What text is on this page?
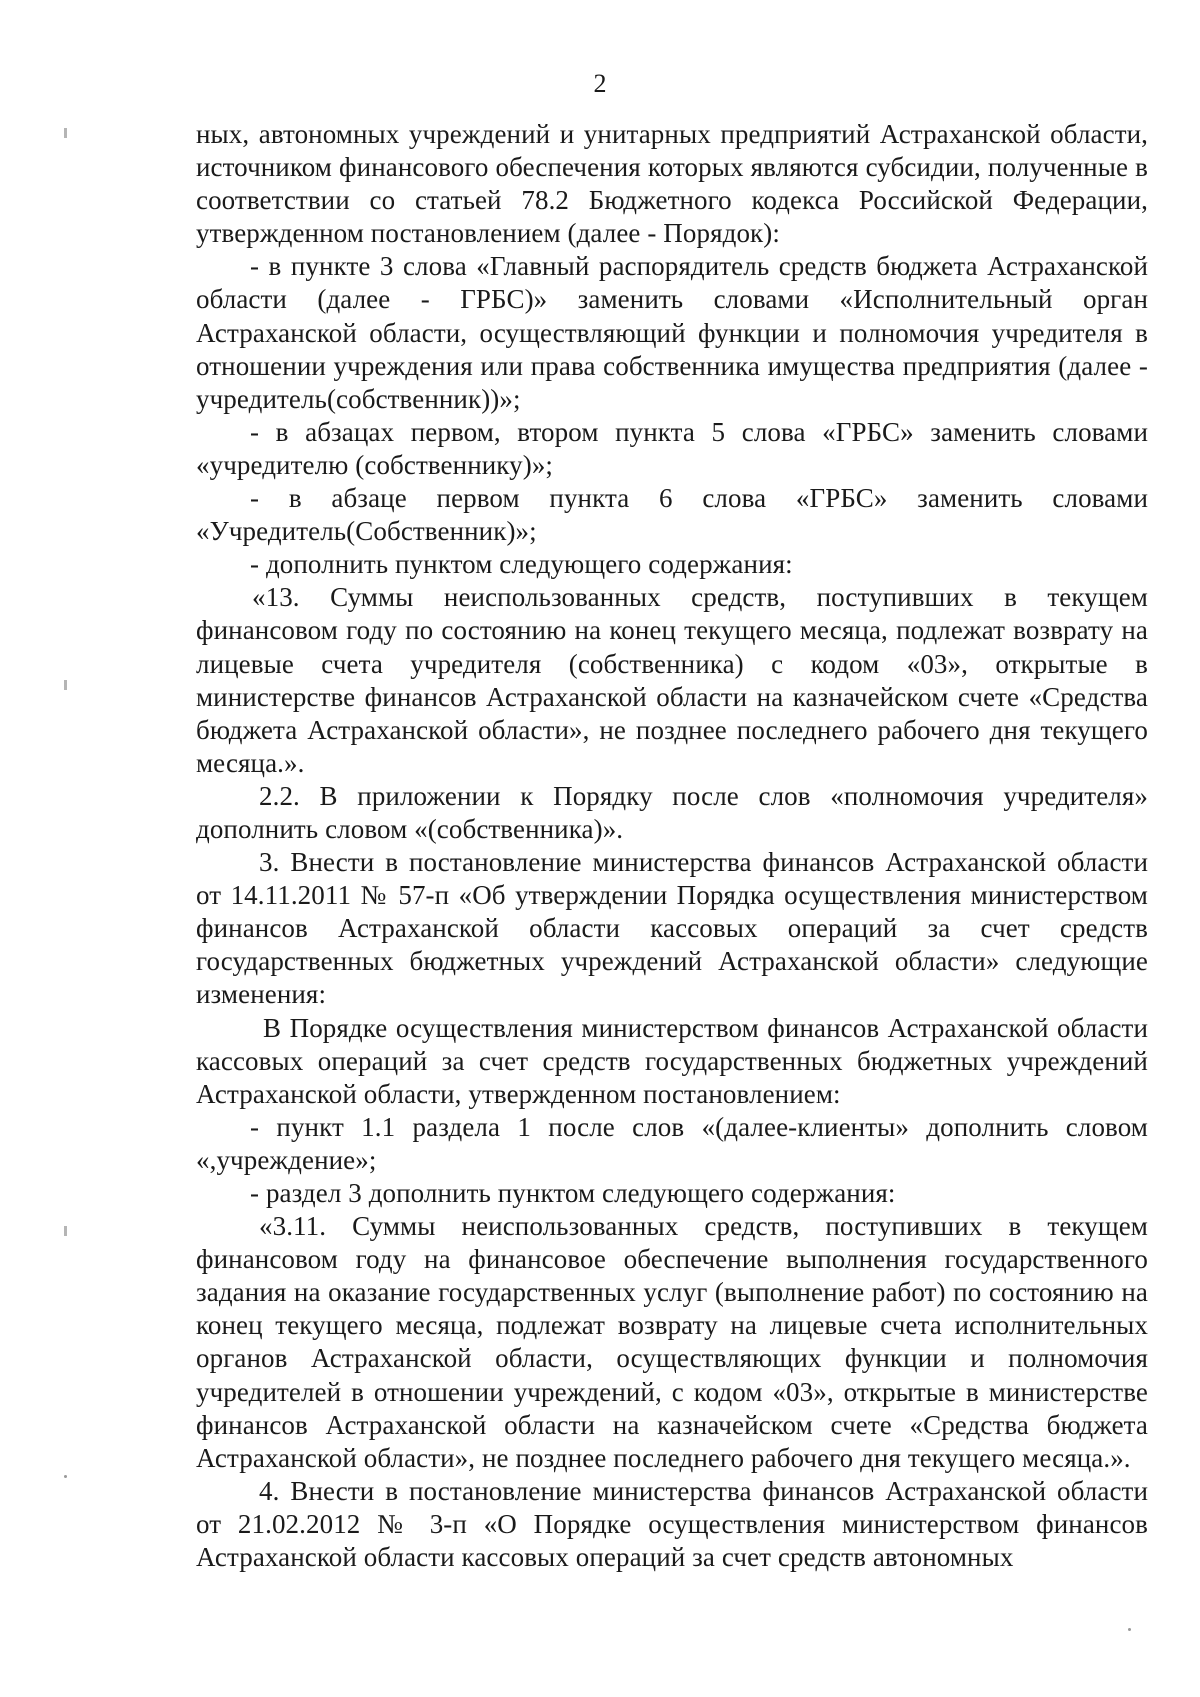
2

ных, автономных учреждений и унитарных предприятий Астраханской области, источником финансового обеспечения которых являются субсидии, полученные в соответствии со статьей 78.2 Бюджетного кодекса Российской Федерации, утвержденном постановлением (далее - Порядок):

- в пункте 3 слова «Главный распорядитель средств бюджета Астраханской области (далее - ГРБС)» заменить словами «Исполнительный орган Астраханской области, осуществляющий функции и полномочия учредителя в отношении учреждения или права собственника имущества предприятия (далее - учредитель(собственник))»;

- в абзацах первом, втором пункта 5 слова «ГРБС» заменить словами «учредителю (собственнику)»;

- в абзаце первом пункта 6 слова «ГРБС» заменить словами «Учредитель(Собственник)»;

- дополнить пунктом следующего содержания:

«13. Суммы неиспользованных средств, поступивших в текущем финансовом году по состоянию на конец текущего месяца, подлежат возврату на лицевые счета учредителя (собственника) с кодом «03», открытые в министерстве финансов Астраханской области на казначейском счете «Средства бюджета Астраханской области», не позднее последнего рабочего дня текущего месяца.».

2.2. В приложении к Порядку после слов «полномочия учредителя» дополнить словом «(собственника)».

3. Внести в постановление министерства финансов Астраханской области от 14.11.2011 № 57-п «Об утверждении Порядка осуществления министерством финансов Астраханской области кассовых операций за счет средств государственных бюджетных учреждений Астраханской области» следующие изменения:

В Порядке осуществления министерством финансов Астраханской области кассовых операций за счет средств государственных бюджетных учреждений Астраханской области, утвержденном постановлением:

- пункт 1.1 раздела 1 после слов «(далее-клиенты» дополнить словом «,учреждение»;

- раздел 3 дополнить пунктом следующего содержания:

«3.11. Суммы неиспользованных средств, поступивших в текущем финансовом году на финансовое обеспечение выполнения государственного задания на оказание государственных услуг (выполнение работ) по состоянию на конец текущего месяца, подлежат возврату на лицевые счета исполнительных органов Астраханской области, осуществляющих функции и полномочия учредителей в отношении учреждений, с кодом «03», открытые в министерстве финансов Астраханской области на казначейском счете «Средства бюджета Астраханской области», не позднее последнего рабочего дня текущего месяца.».

4. Внести в постановление министерства финансов Астраханской области от 21.02.2012 № 3-п «О Порядке осуществления министерством финансов Астраханской области кассовых операций за счет средств автономных
